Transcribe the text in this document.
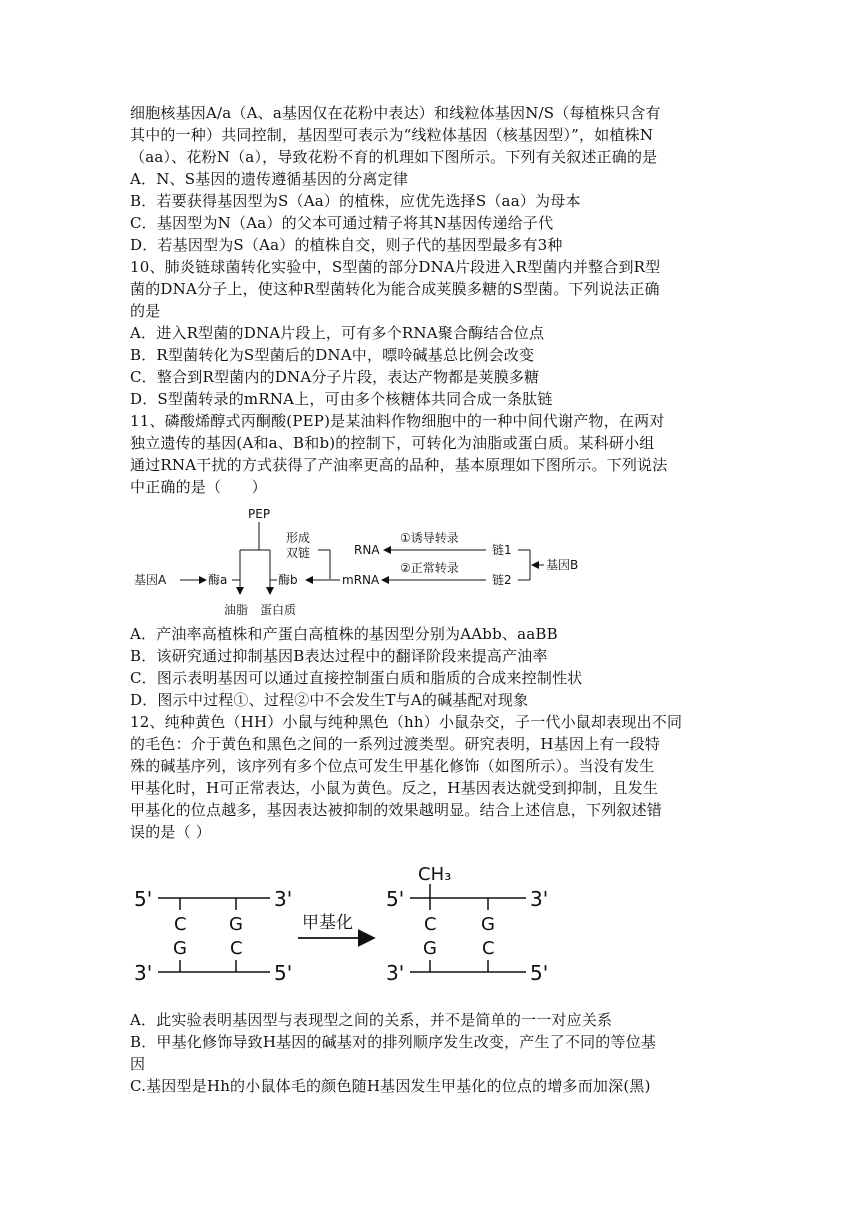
细胞核基因A/a（A、a基因仅在花粉中表达）和线粒体基因N/S（每植株只含有
其中的一种）共同控制，基因型可表示为“线粒体基因（核基因型）”，如植株N
（aa）、花粉N（a），导致花粉不育的机理如下图所示。下列有关叙述正确的是
A．N、S基因的遗传遵循基因的分离定律
B．若要获得基因型为S（Aa）的植株，应优先选择S（aa）为母本
C．基因型为N（Aa）的父本可通过精子将其N基因传递给子代
D．若基因型为S（Aa）的植株自交，则子代的基因型最多有3种
10、肺炎链球菌转化实验中，S型菌的部分DNA片段进入R型菌内并整合到R型
菌的DNA分子上，使这种R型菌转化为能合成荚膜多糖的S型菌。下列说法正确
的是
A．进入R型菌的DNA片段上，可有多个RNA聚合酶结合位点
B．R型菌转化为S型菌后的DNA中，嘌呤碱基总比例会改变
C．整合到R型菌内的DNA分子片段，表达产物都是荚膜多糖
D．S型菌转录的mRNA上，可由多个核糖体共同合成一条肽链
11、磷酸烯醇式丙酮酸(PEP)是某油料作物细胞中的一种中间代谢产物，在两对
独立遗传的基因(A和a、B和b)的控制下，可转化为油脂或蛋白质。某科研小组
通过RNA干扰的方式获得了产油率更高的品种，基本原理如下图所示。下列说法
中正确的是（　　）
PEP
基因A	酶a	酶b
油脂 蛋白质
形成
双链	RNA
mRNA
①诱导转录
②正常转录
链1
链2
基因B
A．产油率高植株和产蛋白高植株的基因型分别为AAbb、aaBB
B．该研究通过抑制基因B表达过程中的翻译阶段来提高产油率
C．图示表明基因可以通过直接控制蛋白质和脂质的合成来控制性状
D．图示中过程①、过程②中不会发生T与A的碱基配对现象
12、纯种黄色（HH）小鼠与纯种黑色（hh）小鼠杂交，子一代小鼠却表现出不同
的毛色：介于黄色和黑色之间的一系列过渡类型。研究表明，H基因上有一段特
殊的碱基序列，该序列有多个位点可发生甲基化修饰（如图所示）。当没有发生
甲基化时，H可正常表达，小鼠为黄色。反之，H基因表达就受到抑制，且发生
甲基化的位点越多，基因表达被抑制的效果越明显。结合上述信息，下列叙述错
误的是（ ）
5'	3'
C G
G C
3'	5'
甲基化
CH₃
5'	3'
C G
G	C
3'	5'
A．此实验表明基因型与表现型之间的关系，并不是简单的一一对应关系
B．甲基化修饰导致H基因的碱基对的排列顺序发生改变，产生了不同的等位基
因
C.基因型是Hh的小鼠体毛的颜色随H基因发生甲基化的位点的增多而加深(黑)
